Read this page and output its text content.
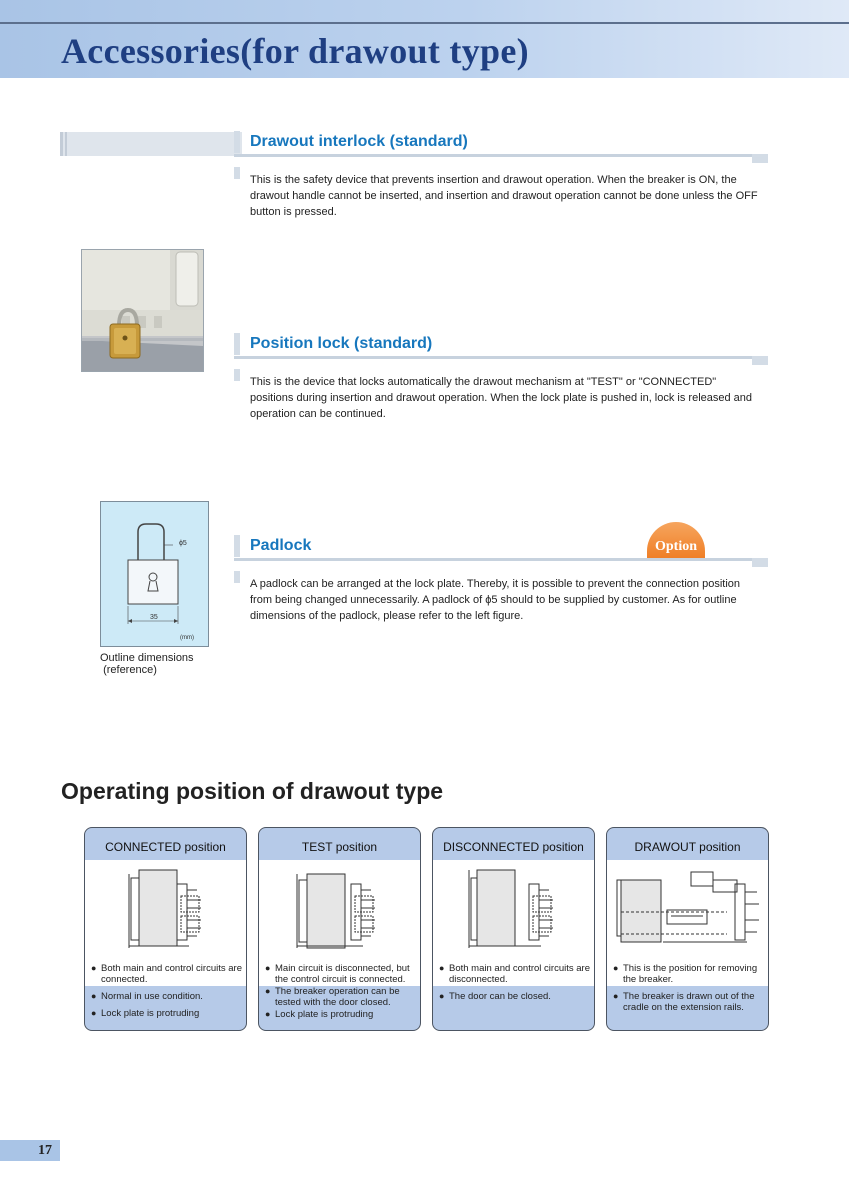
Accessories(for drawout type)
Drawout interlock (standard)

This is the safety device that prevents insertion and drawout operation. When the breaker is ON, the drawout handle cannot be inserted, and insertion and drawout operation cannot be done unless the OFF button is pressed.

Position lock (standard)

This is the device that locks automatically the drawout mechanism at "TEST" or "CONNECTED" positions during insertion and drawout operation. When the lock plate is pushed in, lock is released and operation can be continued.

ϕ5
35
(mm)

Outline dimensions
(reference)

Option
Padlock

A padlock can be arranged at the lock plate. Thereby, it is possible to prevent the connection position from being changed unnecessarily. A padlock of ϕ5 should to be supplied by customer. As for outline dimensions of the padlock, please refer to the left figure.

Operating position of drawout type
CONNECTED position
● Both main and control circuits are connected.
● Normal in use condition.
● Lock plate is protruding
TEST position
● Main circuit is disconnected, but the control circuit is connected.
● The breaker operation can be tested with the door closed.
● Lock plate is protruding
DISCONNECTED position
● Both main and control circuits are disconnected.
● The door can be closed.
DRAWOUT position
● This is the position for removing the breaker.
● The breaker is drawn out of the cradle on the extension rails.
17
